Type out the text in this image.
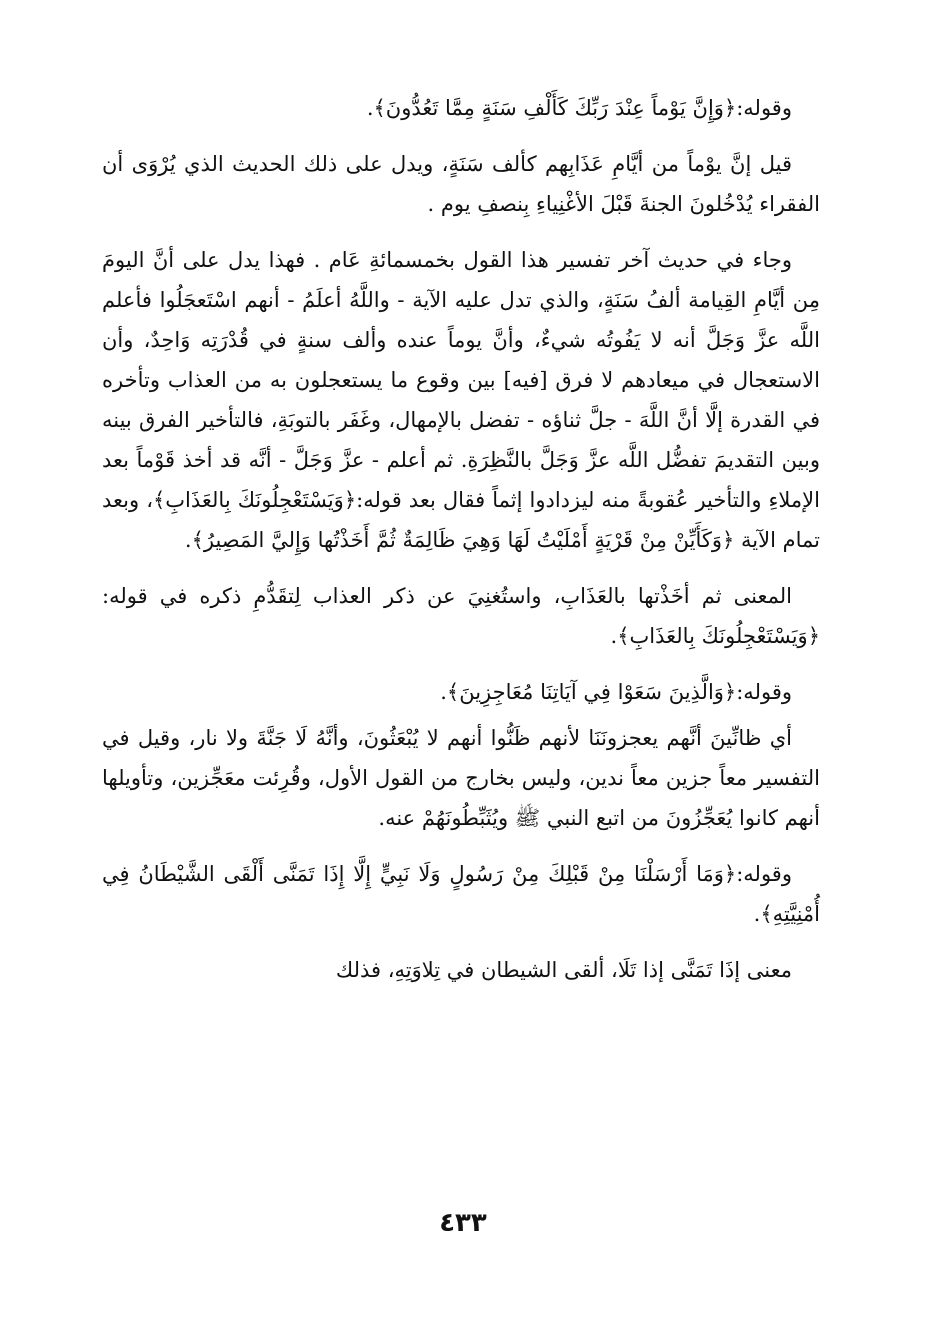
وقوله:﴿وَإِنَّ يَوْماً عِنْدَ رَبِّكَ كَأَلْفِ سَنَةٍ مِمَّا تَعُدُّونَ﴾.

قيل إنَّ يوْماً من أيَّامِ عَذَابِهم كألف سَنَةٍ، ويدل على ذلك الحديث الذي يُرْوَى أن الفقراء يُدْخُلونَ الجنةَ قَبْلَ الأغْنِياءِ بِنصفِ يوم .

وجاء في حديث آخر تفسير هذا القول بخمسمائةِ عَام . فهذا يدل على أنَّ اليومَ مِن أيَّامِ القِيامة ألفُ سَنَةٍ، والذي تدل عليه الآية - واللَّهُ أعلَمُ - أنهم اسْتَعجَلُوا فأعلم اللَّه عزَّ وَجَلَّ أنه لا يَفُوتُه شيءٌ، وأنَّ يوماً عنده وألف سنةٍ في قُدْرَتِه وَاحِدٌ، وأن الاستعجال في ميعادهم لا فرق [فيه] بين وقوع ما يستعجلون به من العذاب وتأخره في القدرة إلَّا أنَّ اللَّهَ - جلَّ ثناؤه - تفضل بالإمهال، وغَفَر بالتوبَةِ، فالتأخير الفرق بينه وبين التقديمَ تفضُّل اللَّه عزَّ وَجَلَّ بالنَّظِرَةِ. ثم أعلم - عزَّ وَجَلَّ - أنَّه قد أخذ قَوْماً بعد الإملاءِ والتأخير عُقوبةً منه ليزدادوا إثماً فقال بعد قوله:﴿وَيَسْتَعْجِلُونَكَ بِالعَذَابِ﴾، وبعد تمام الآية ﴿وَكَأَيِّنْ مِنْ قَرْيَةٍ أَمْلَيْتُ لَهَا وَهِيَ ظَالِمَةٌ ثُمَّ أَخَذْتُها وَإِليَّ المَصِيرُ﴾.

المعنى ثم أخَذْتها بالعَذَابِ، واستُغنِيَ عن ذكر العذاب لِتقَدُّمِ ذكره في قوله:﴿وَيَسْتَعْجِلُونَكَ بِالعَذَابِ﴾.

وقوله:﴿وَالَّذِينَ سَعَوْا فِي آيَاتِنَا مُعَاجِزِينَ﴾.

أي ظانِّينَ أنَّهم يعجزونَنَا لأنهم ظَنُّوا أنهم لا يُبْعَثُونَ، وأنَّهُ لَا جَنَّةَ ولا نار، وقيل في التفسير معاً جزين معاً ندين، وليس بخارج من القول الأول، وقُرِئت معَجِّزين، وتأويلها أنهم كانوا يُعَجِّزُونَ من اتبع النبي ﷺ ويُثَبِّطُونَهُمْ عنه.

وقوله:﴿وَمَا أَرْسَلْنَا مِنْ قَبْلِكَ مِنْ رَسُولٍ وَلَا نَبِيٍّ إِلَّا إِذَا تَمَنَّى أَلْقَى الشَّيْطَانُ فِي أُمْنِيَّتِهِ﴾.

معنى إذَا تَمَنَّى إذا تَلَا، ألقى الشيطان في تِلاوَتِهِ، فذلك

٤٣٣
